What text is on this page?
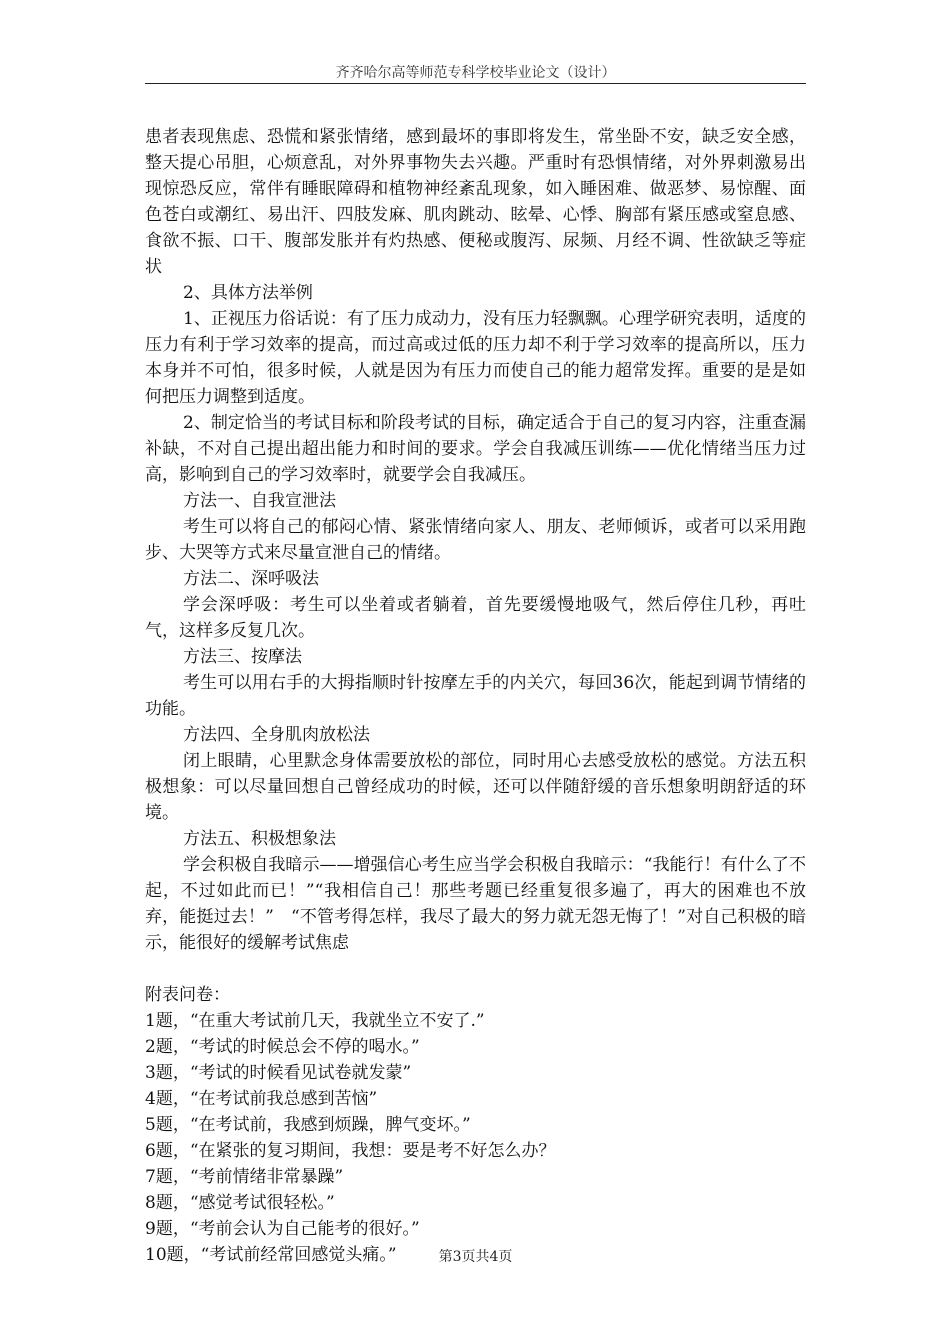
齐齐哈尔高等师范专科学校毕业论文（设计）

患者表现焦虑、恐慌和紧张情绪，感到最坏的事即将发生，常坐卧不安，缺乏安全感，整天提心吊胆，心烦意乱，对外界事物失去兴趣。严重时有恐惧情绪，对外界刺激易出现惊恐反应，常伴有睡眠障碍和植物神经紊乱现象，如入睡困难、做恶梦、易惊醒、面色苍白或潮红、易出汗、四肢发麻、肌肉跳动、眩晕、心悸、胸部有紧压感或窒息感、食欲不振、口干、腹部发胀并有灼热感、便秘或腹泻、尿频、月经不调、性欲缺乏等症状

2、具体方法举例

1、正视压力俗话说：有了压力成动力，没有压力轻飘飘。心理学研究表明，适度的压力有利于学习效率的提高，而过高或过低的压力却不利于学习效率的提高所以，压力本身并不可怕，很多时候，人就是因为有压力而使自己的能力超常发挥。重要的是是如何把压力调整到适度。

2、制定恰当的考试目标和阶段考试的目标，确定适合于自己的复习内容，注重查漏补缺，不对自己提出超出能力和时间的要求。学会自我减压训练——优化情绪当压力过高，影响到自己的学习效率时，就要学会自我减压。

方法一、自我宣泄法

考生可以将自己的郁闷心情、紧张情绪向家人、朋友、老师倾诉，或者可以采用跑步、大哭等方式来尽量宣泄自己的情绪。

方法二、深呼吸法

学会深呼吸：考生可以坐着或者躺着，首先要缓慢地吸气，然后停住几秒，再吐气，这样多反复几次。

方法三、按摩法

考生可以用右手的大拇指顺时针按摩左手的内关穴，每回36次，能起到调节情绪的功能。

方法四、全身肌肉放松法

闭上眼睛，心里默念身体需要放松的部位，同时用心去感受放松的感觉。方法五积极想象：可以尽量回想自己曾经成功的时候，还可以伴随舒缓的音乐想象明朗舒适的环境。

方法五、积极想象法

学会积极自我暗示——增强信心考生应当学会积极自我暗示：“我能行！有什么了不起，不过如此而已！”“我相信自己！那些考题已经重复很多遍了，再大的困难也不放弃，能挺过去！”　“不管考得怎样，我尽了最大的努力就无怨无悔了！”对自己积极的暗示，能很好的缓解考试焦虑

附表问卷：

1题，“在重大考试前几天，我就坐立不安了.”

2题，“考试的时候总会不停的喝水。”

3题，“考试的时候看见试卷就发蒙”

4题，“在考试前我总感到苦恼”

5题，“在考试前，我感到烦躁，脾气变坏。”

6题，“在紧张的复习期间，我想：要是考不好怎么办？

7题，“考前情绪非常暴躁”

8题，“感觉考试很轻松。”

9题，“考前会认为自己能考的很好。”

10题，“考试前经常回感觉头痛。”	第3页共4页
